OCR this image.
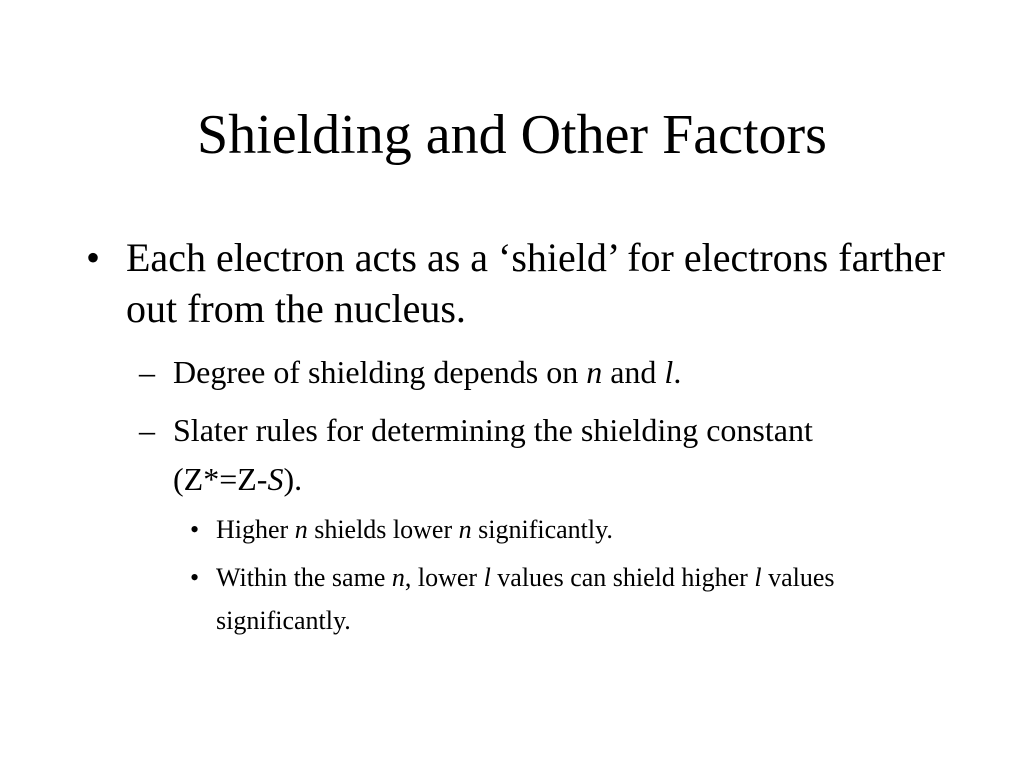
Shielding and Other Factors
• Each electron acts as a ‘shield’ for electrons farther out from the nucleus.
– Degree of shielding depends on n and l.
– Slater rules for determining the shielding constant (Z*=Z-S).
• Higher n shields lower n significantly.
• Within the same n, lower l values can shield higher l values significantly.
